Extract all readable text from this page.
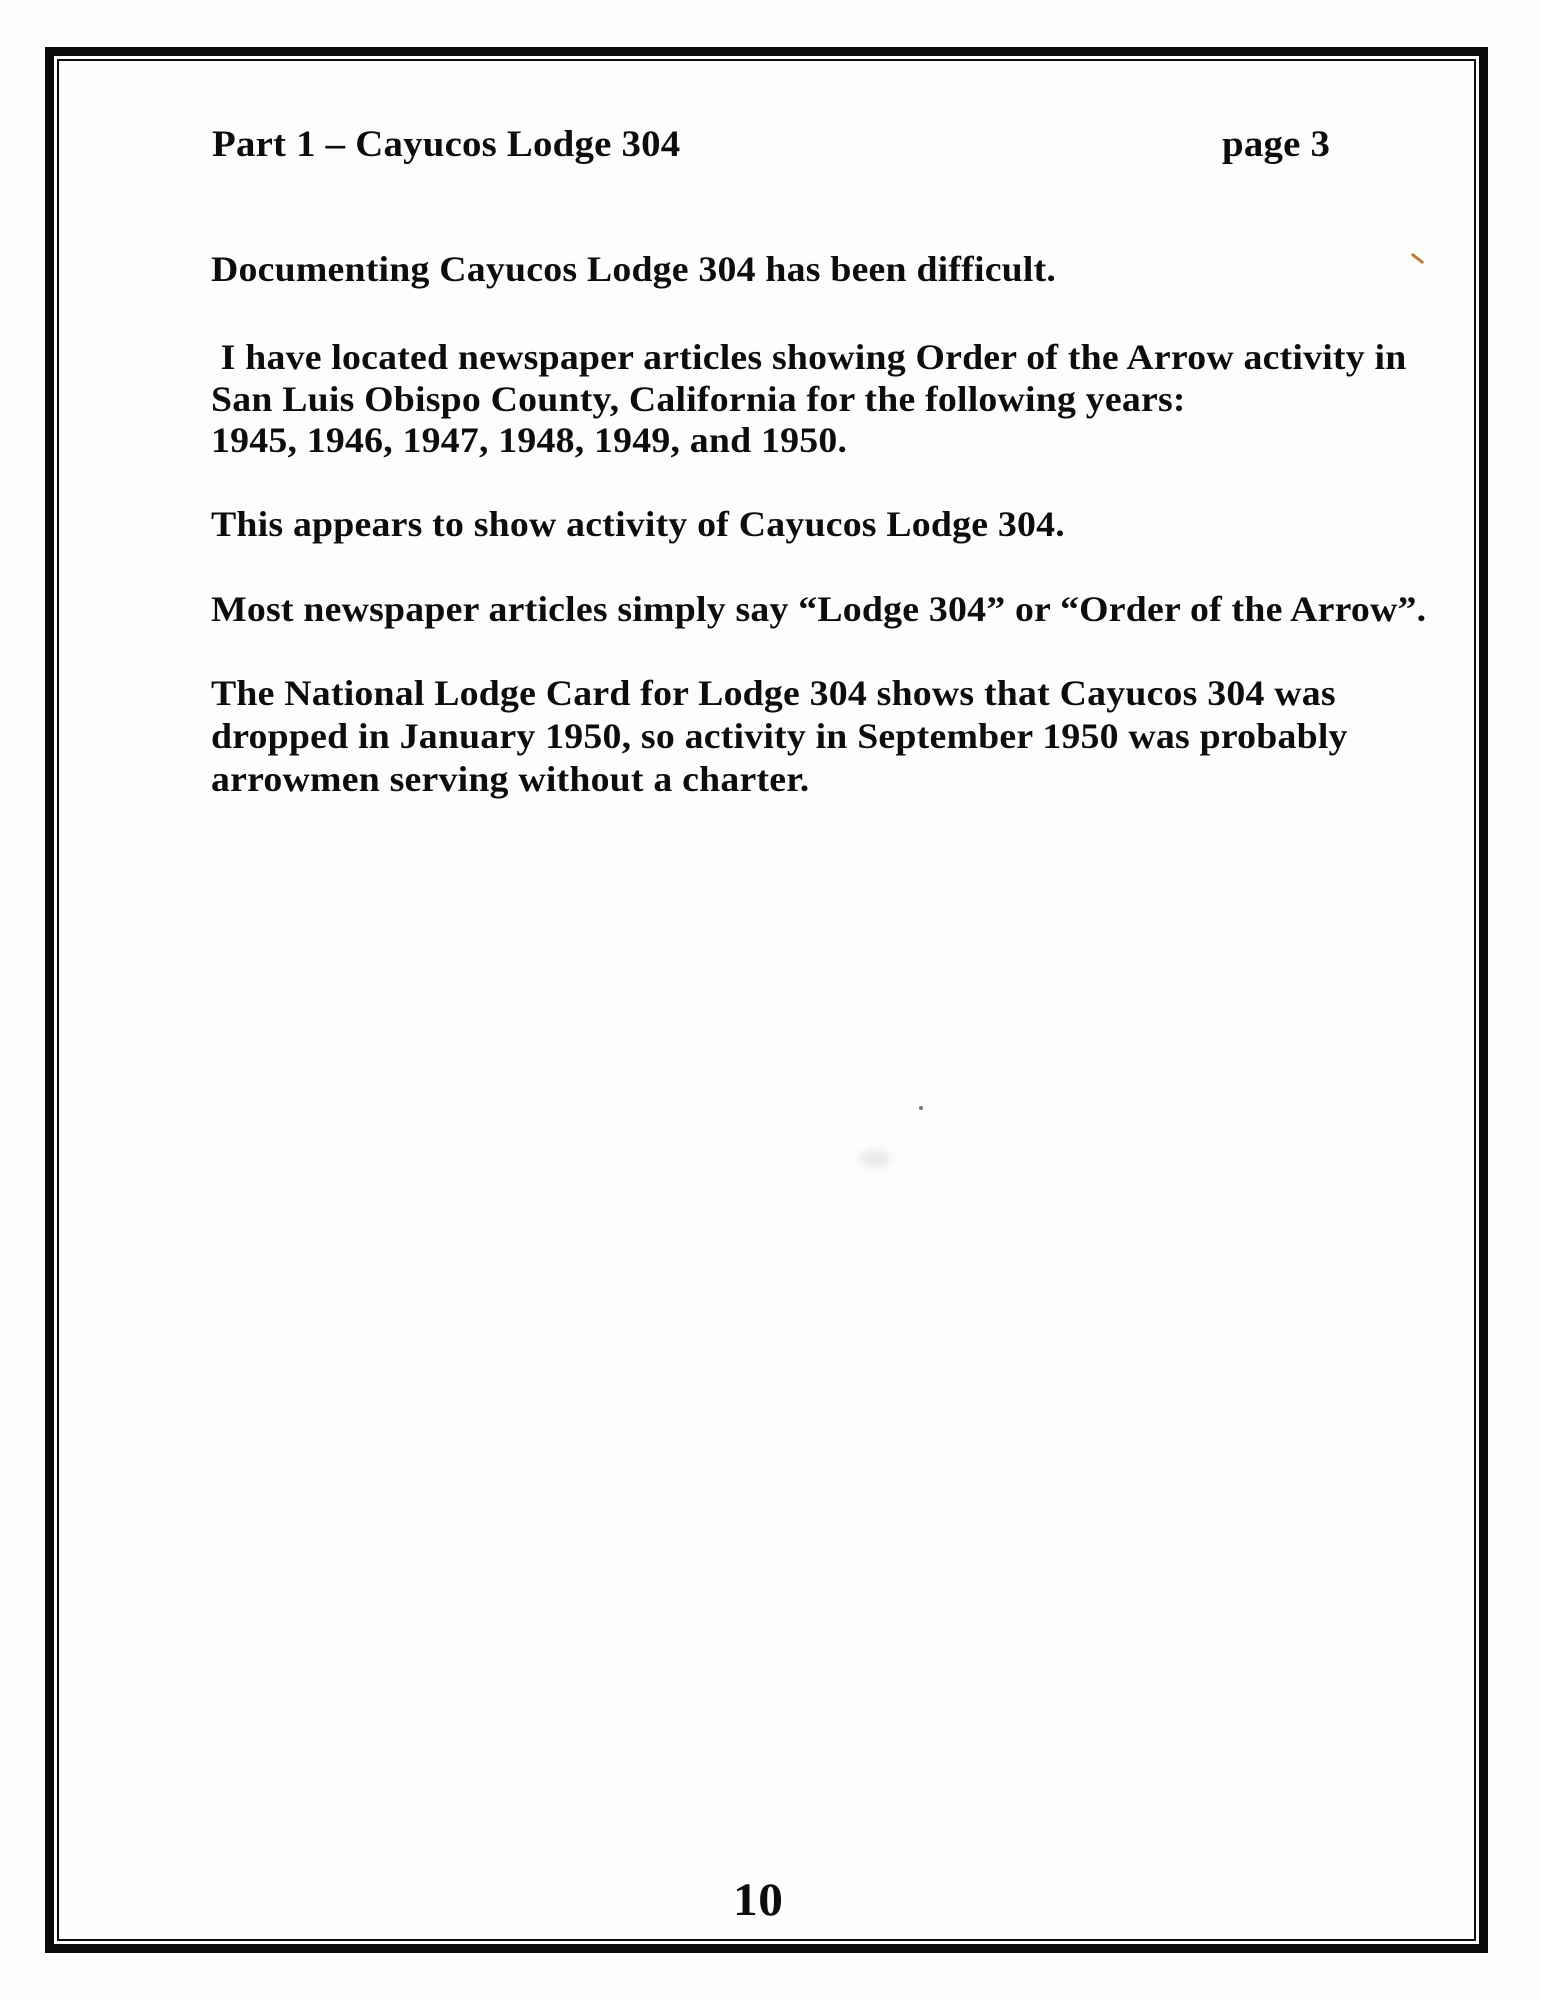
Part 1 – Cayucos Lodge 304	page 3
Documenting Cayucos Lodge 304 has been difficult.
I have located newspaper articles showing Order of the Arrow activity in
San Luis Obispo County, California for the following years:
1945, 1946, 1947, 1948, 1949, and 1950.
This appears to show activity of Cayucos Lodge 304.
Most newspaper articles simply say “Lodge 304” or “Order of the Arrow”.
The National Lodge Card for Lodge 304 shows that Cayucos 304 was
dropped in January 1950, so activity in September 1950 was probably
arrowmen serving without a charter.
10
